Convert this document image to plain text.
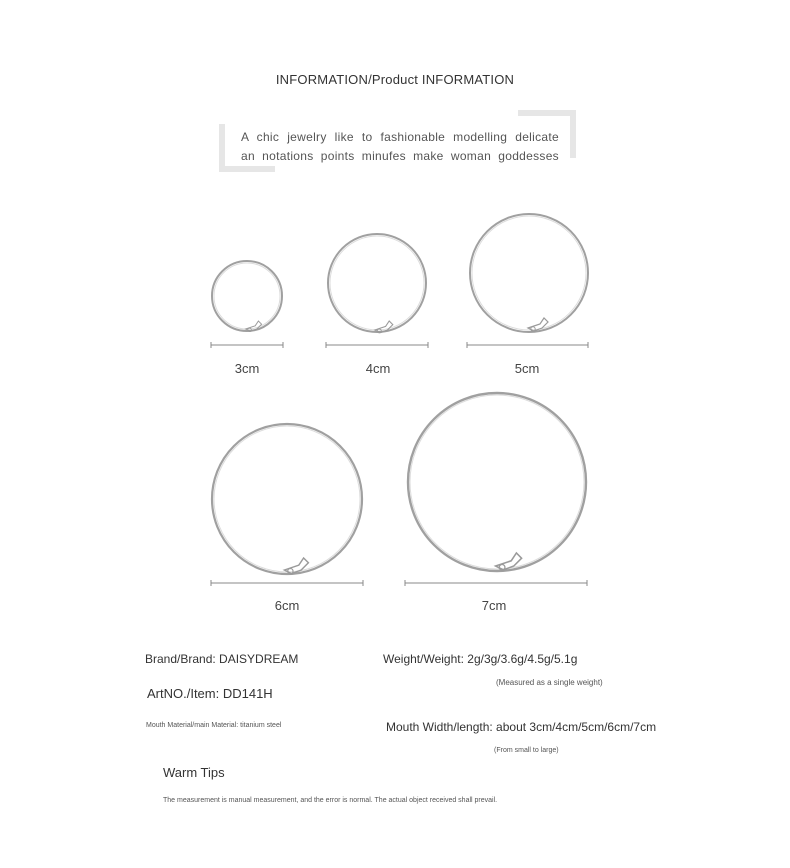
INFORMATION/Product INFORMATION
A chic jewelry like to fashionable modelling delicate
an notations points minufes make woman goddesses
3cm	4cm	5cm
6cm	7cm
Brand/Brand: DAISYDREAM	Weight/Weight: 2g/3g/3.6g/4.5g/5.1g
(Measured as a single weight)
ArtNO./Item: DD141H
Mouth Material/main Material: titanium steel	Mouth Width/length: about 3cm/4cm/5cm/6cm/7cm
(From small to large)
Warm Tips
The measurement is manual measurement, and the error is normal. The actual object received shall prevail.
